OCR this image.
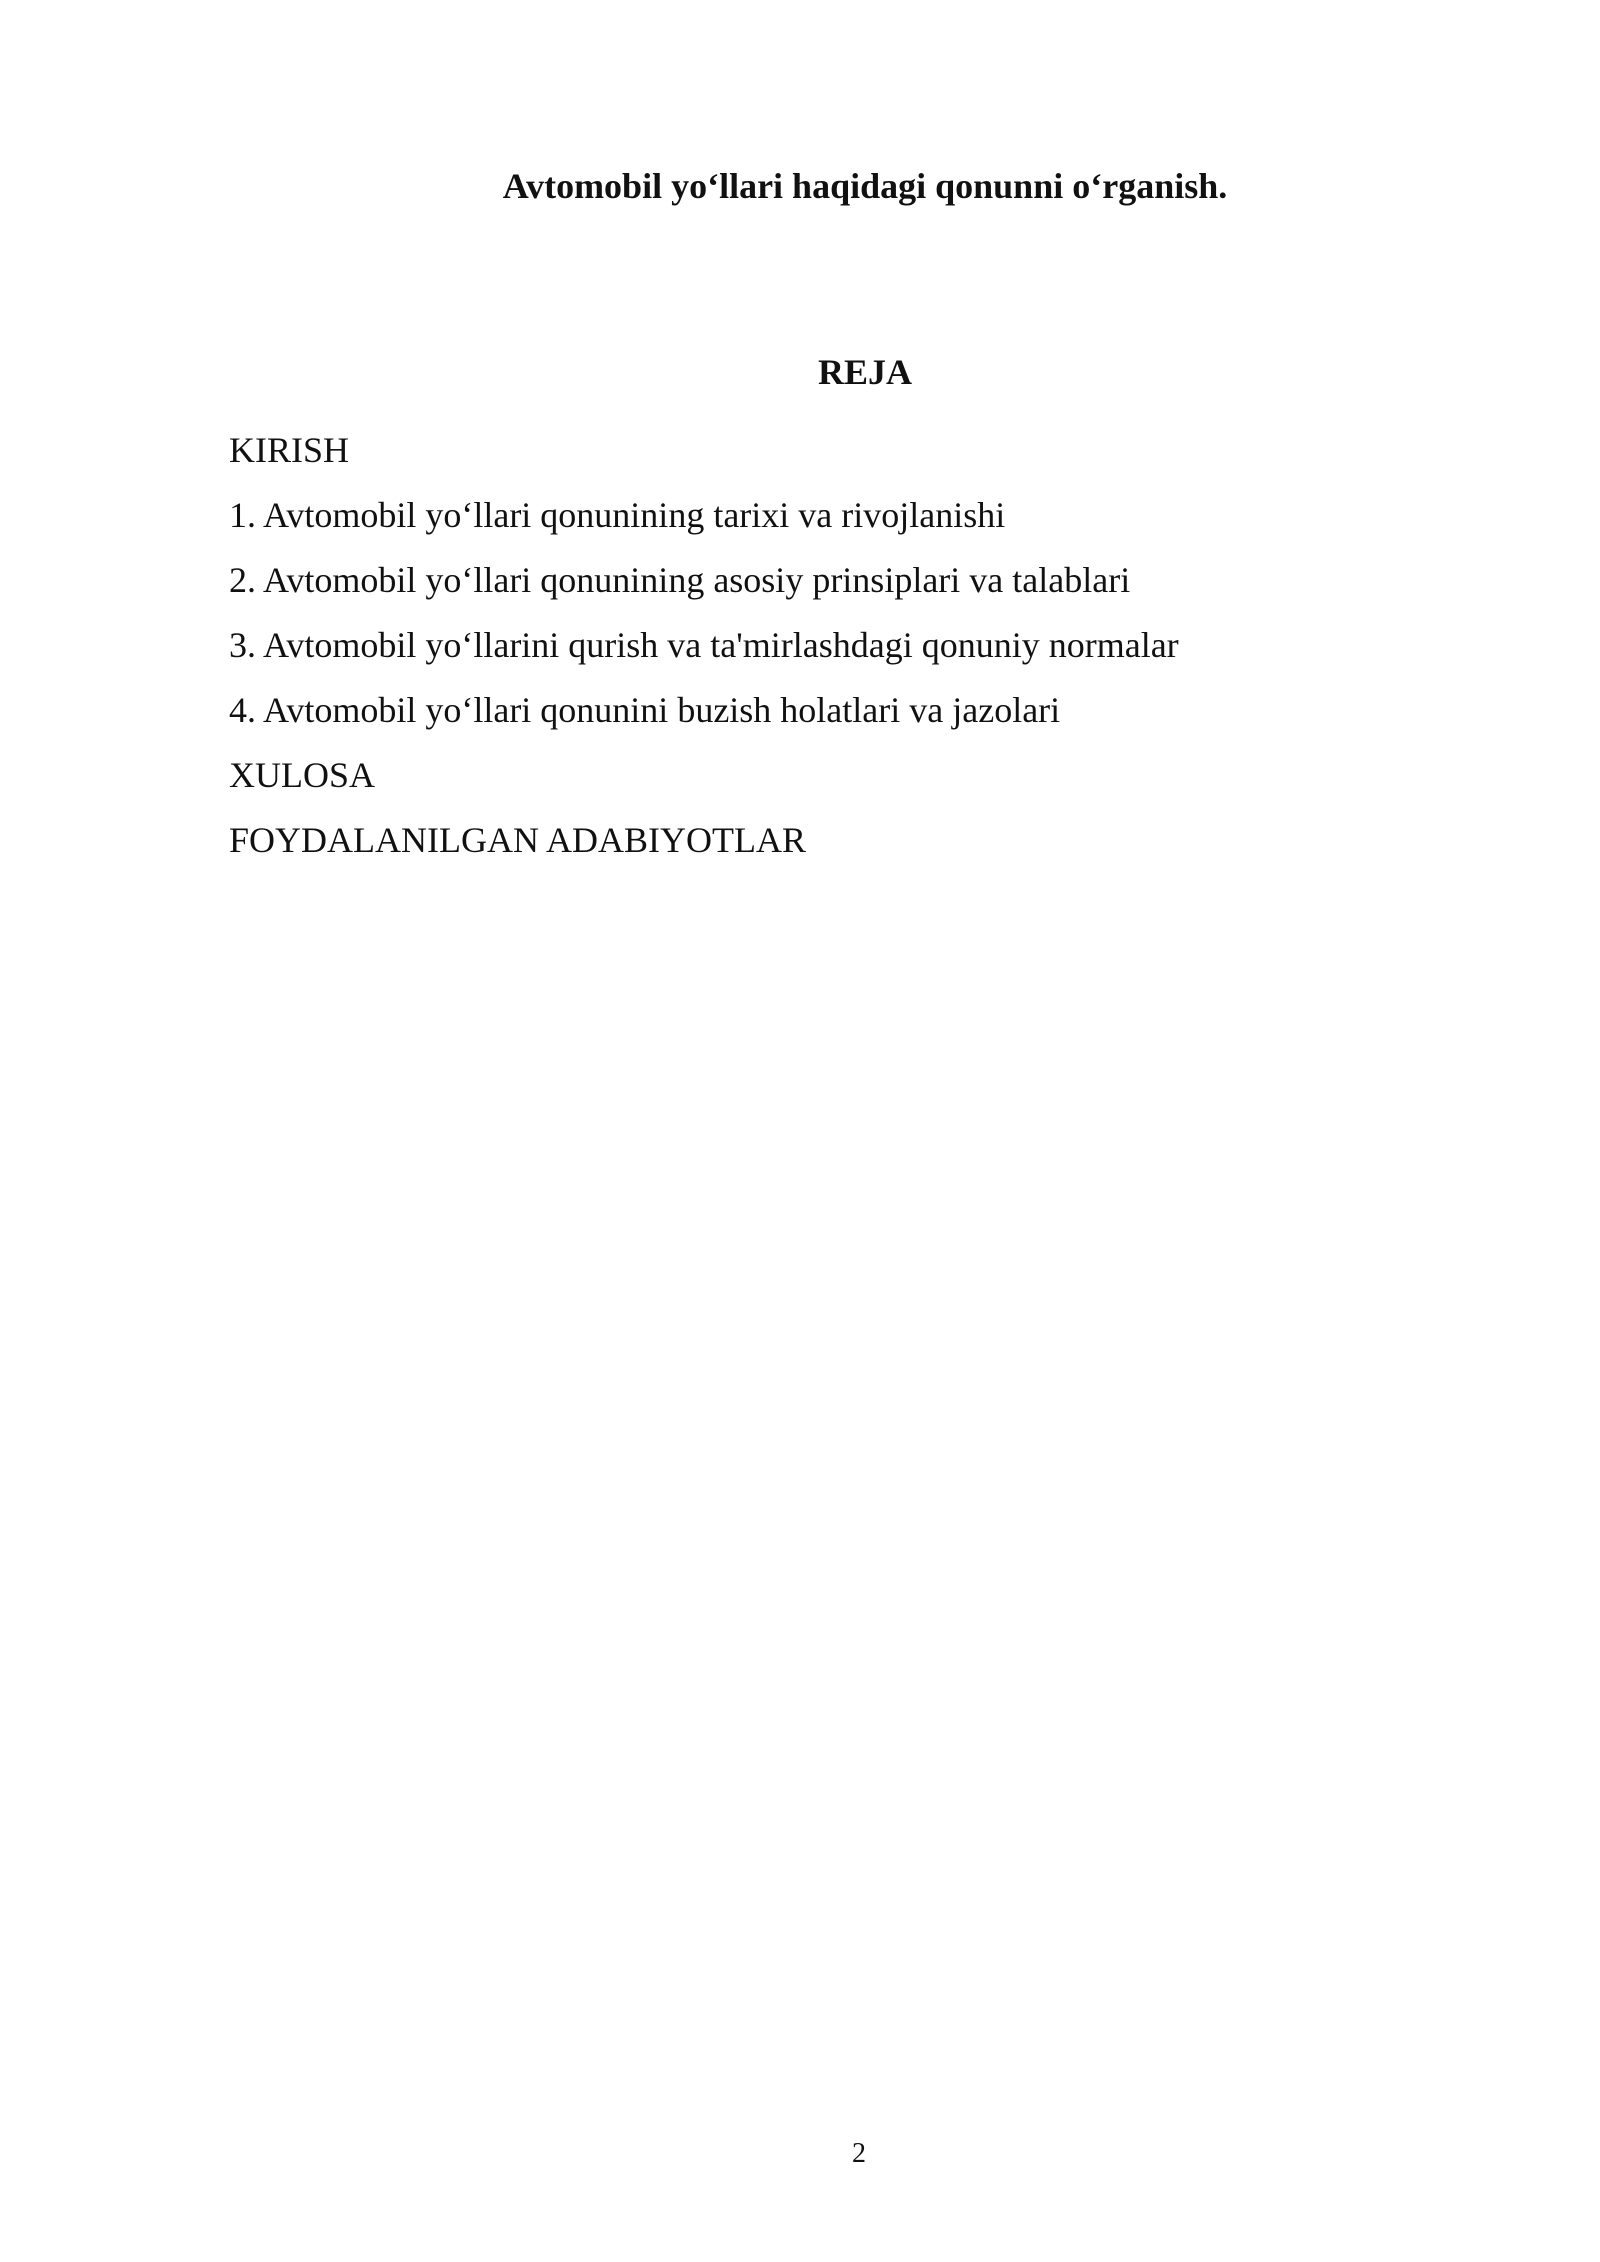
Avtomobil yo‘llari haqidagi qonunni o‘rganish.
REJA
KIRISH
1. Avtomobil yo‘llari qonunining tarixi va rivojlanishi
2. Avtomobil yo‘llari qonunining asosiy prinsiplari va talablari
3. Avtomobil yo‘llarini qurish va ta'mirlashdagi qonuniy normalar
4. Avtomobil yo‘llari qonunini buzish holatlari va jazolari
XULOSA
FOYDALANILGAN ADABIYOTLAR
2
